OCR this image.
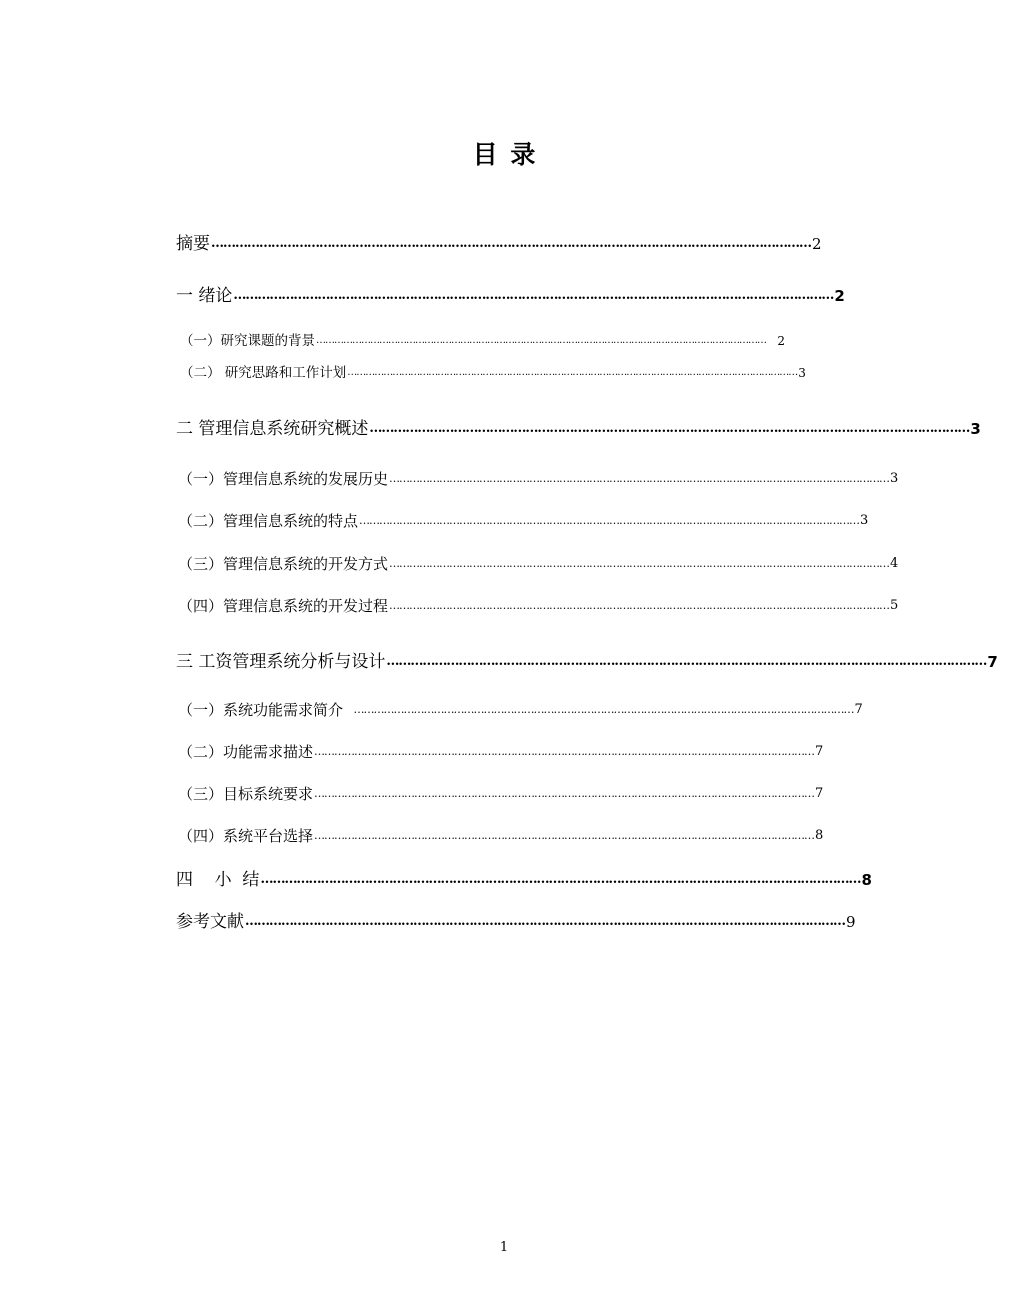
目 录
摘要 …………………………………………………………………………………………………………………………………… 2
一 绪论 …………………………………………………………………………………………………………………………………… 2
（一）研究课题的背景 …………………………………………………………………………………………………………………………………… 2
（二） 研究思路和工作计划 …………………………………………………………………………………………………………………………………… 3
二 管理信息系统研究概述 …………………………………………………………………………………………………………………………………… 3
（一）管理信息系统的发展历史 …………………………………………………………………………………………………………………………………… 3
（二）管理信息系统的特点 …………………………………………………………………………………………………………………………………… 3
（三）管理信息系统的开发方式 …………………………………………………………………………………………………………………………………… 4
（四）管理信息系统的开发过程 …………………………………………………………………………………………………………………………………… 5
三 工资管理系统分析与设计 …………………………………………………………………………………………………………………………………… 7
（一）系统功能需求简介 …………………………………………………………………………………………………………………………………… 7
（二）功能需求描述 …………………………………………………………………………………………………………………………………… 7
（三）目标系统要求 …………………………………………………………………………………………………………………………………… 7
（四）系统平台选择 …………………………………………………………………………………………………………………………………… 8
四    小  结 …………………………………………………………………………………………………………………………………… 8
参考文献 …………………………………………………………………………………………………………………………………… 9
1
